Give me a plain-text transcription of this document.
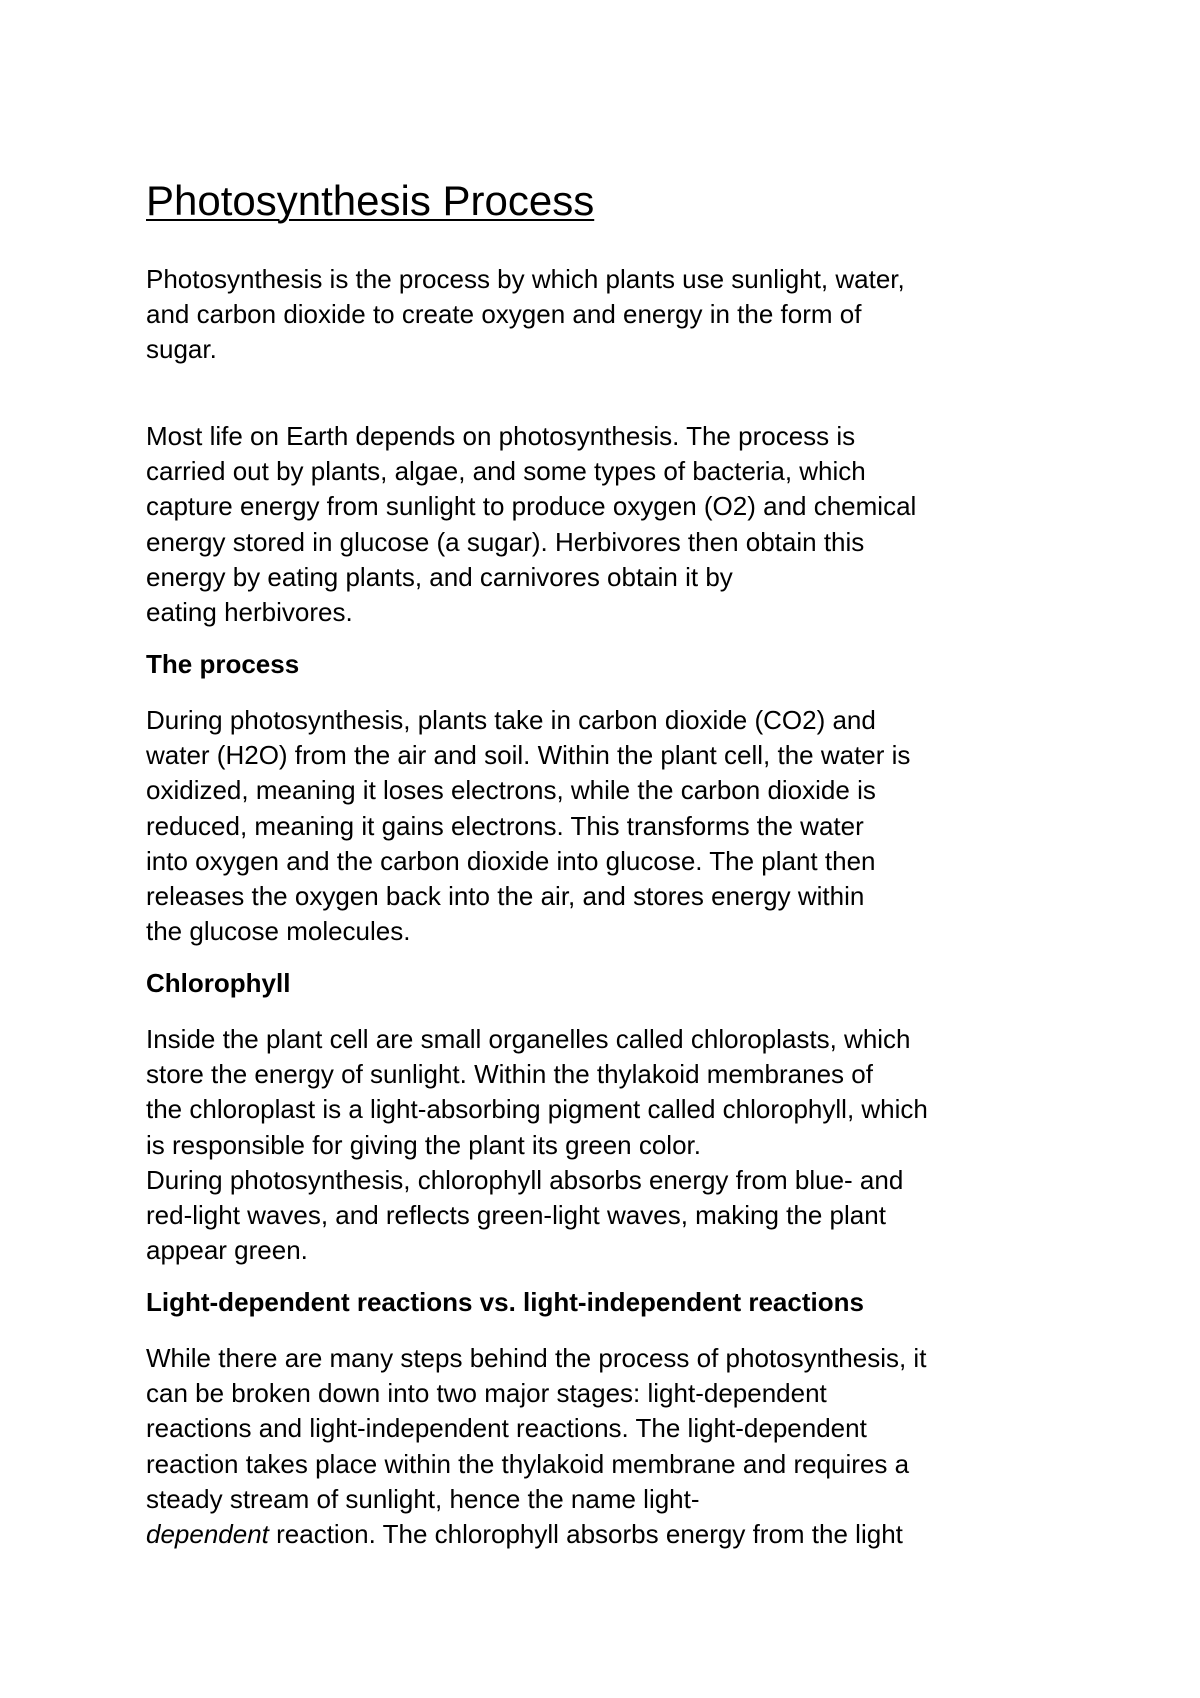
Photosynthesis Process

Photosynthesis is the process by which plants use sunlight, water,
and carbon dioxide to create oxygen and energy in the form of
sugar.

Most life on Earth depends on photosynthesis. The process is
carried out by plants, algae, and some types of bacteria, which
capture energy from sunlight to produce oxygen (O2) and chemical
energy stored in glucose (a sugar). Herbivores then obtain this
energy by eating plants, and carnivores obtain it by
eating herbivores.

The process

During photosynthesis, plants take in carbon dioxide (CO2) and
water (H2O) from the air and soil. Within the plant cell, the water is
oxidized, meaning it loses electrons, while the carbon dioxide is
reduced, meaning it gains electrons. This transforms the water
into oxygen and the carbon dioxide into glucose. The plant then
releases the oxygen back into the air, and stores energy within
the glucose molecules.

Chlorophyll

Inside the plant cell are small organelles called chloroplasts, which
store the energy of sunlight. Within the thylakoid membranes of
the chloroplast is a light-absorbing pigment called chlorophyll, which
is responsible for giving the plant its green color.
During photosynthesis, chlorophyll absorbs energy from blue- and
red-light waves, and reflects green-light waves, making the plant
appear green.

Light-dependent reactions vs. light-independent reactions

While there are many steps behind the process of photosynthesis, it
can be broken down into two major stages: light-dependent
reactions and light-independent reactions. The light-dependent
reaction takes place within the thylakoid membrane and requires a
steady stream of sunlight, hence the name light-
dependent reaction. The chlorophyll absorbs energy from the light
